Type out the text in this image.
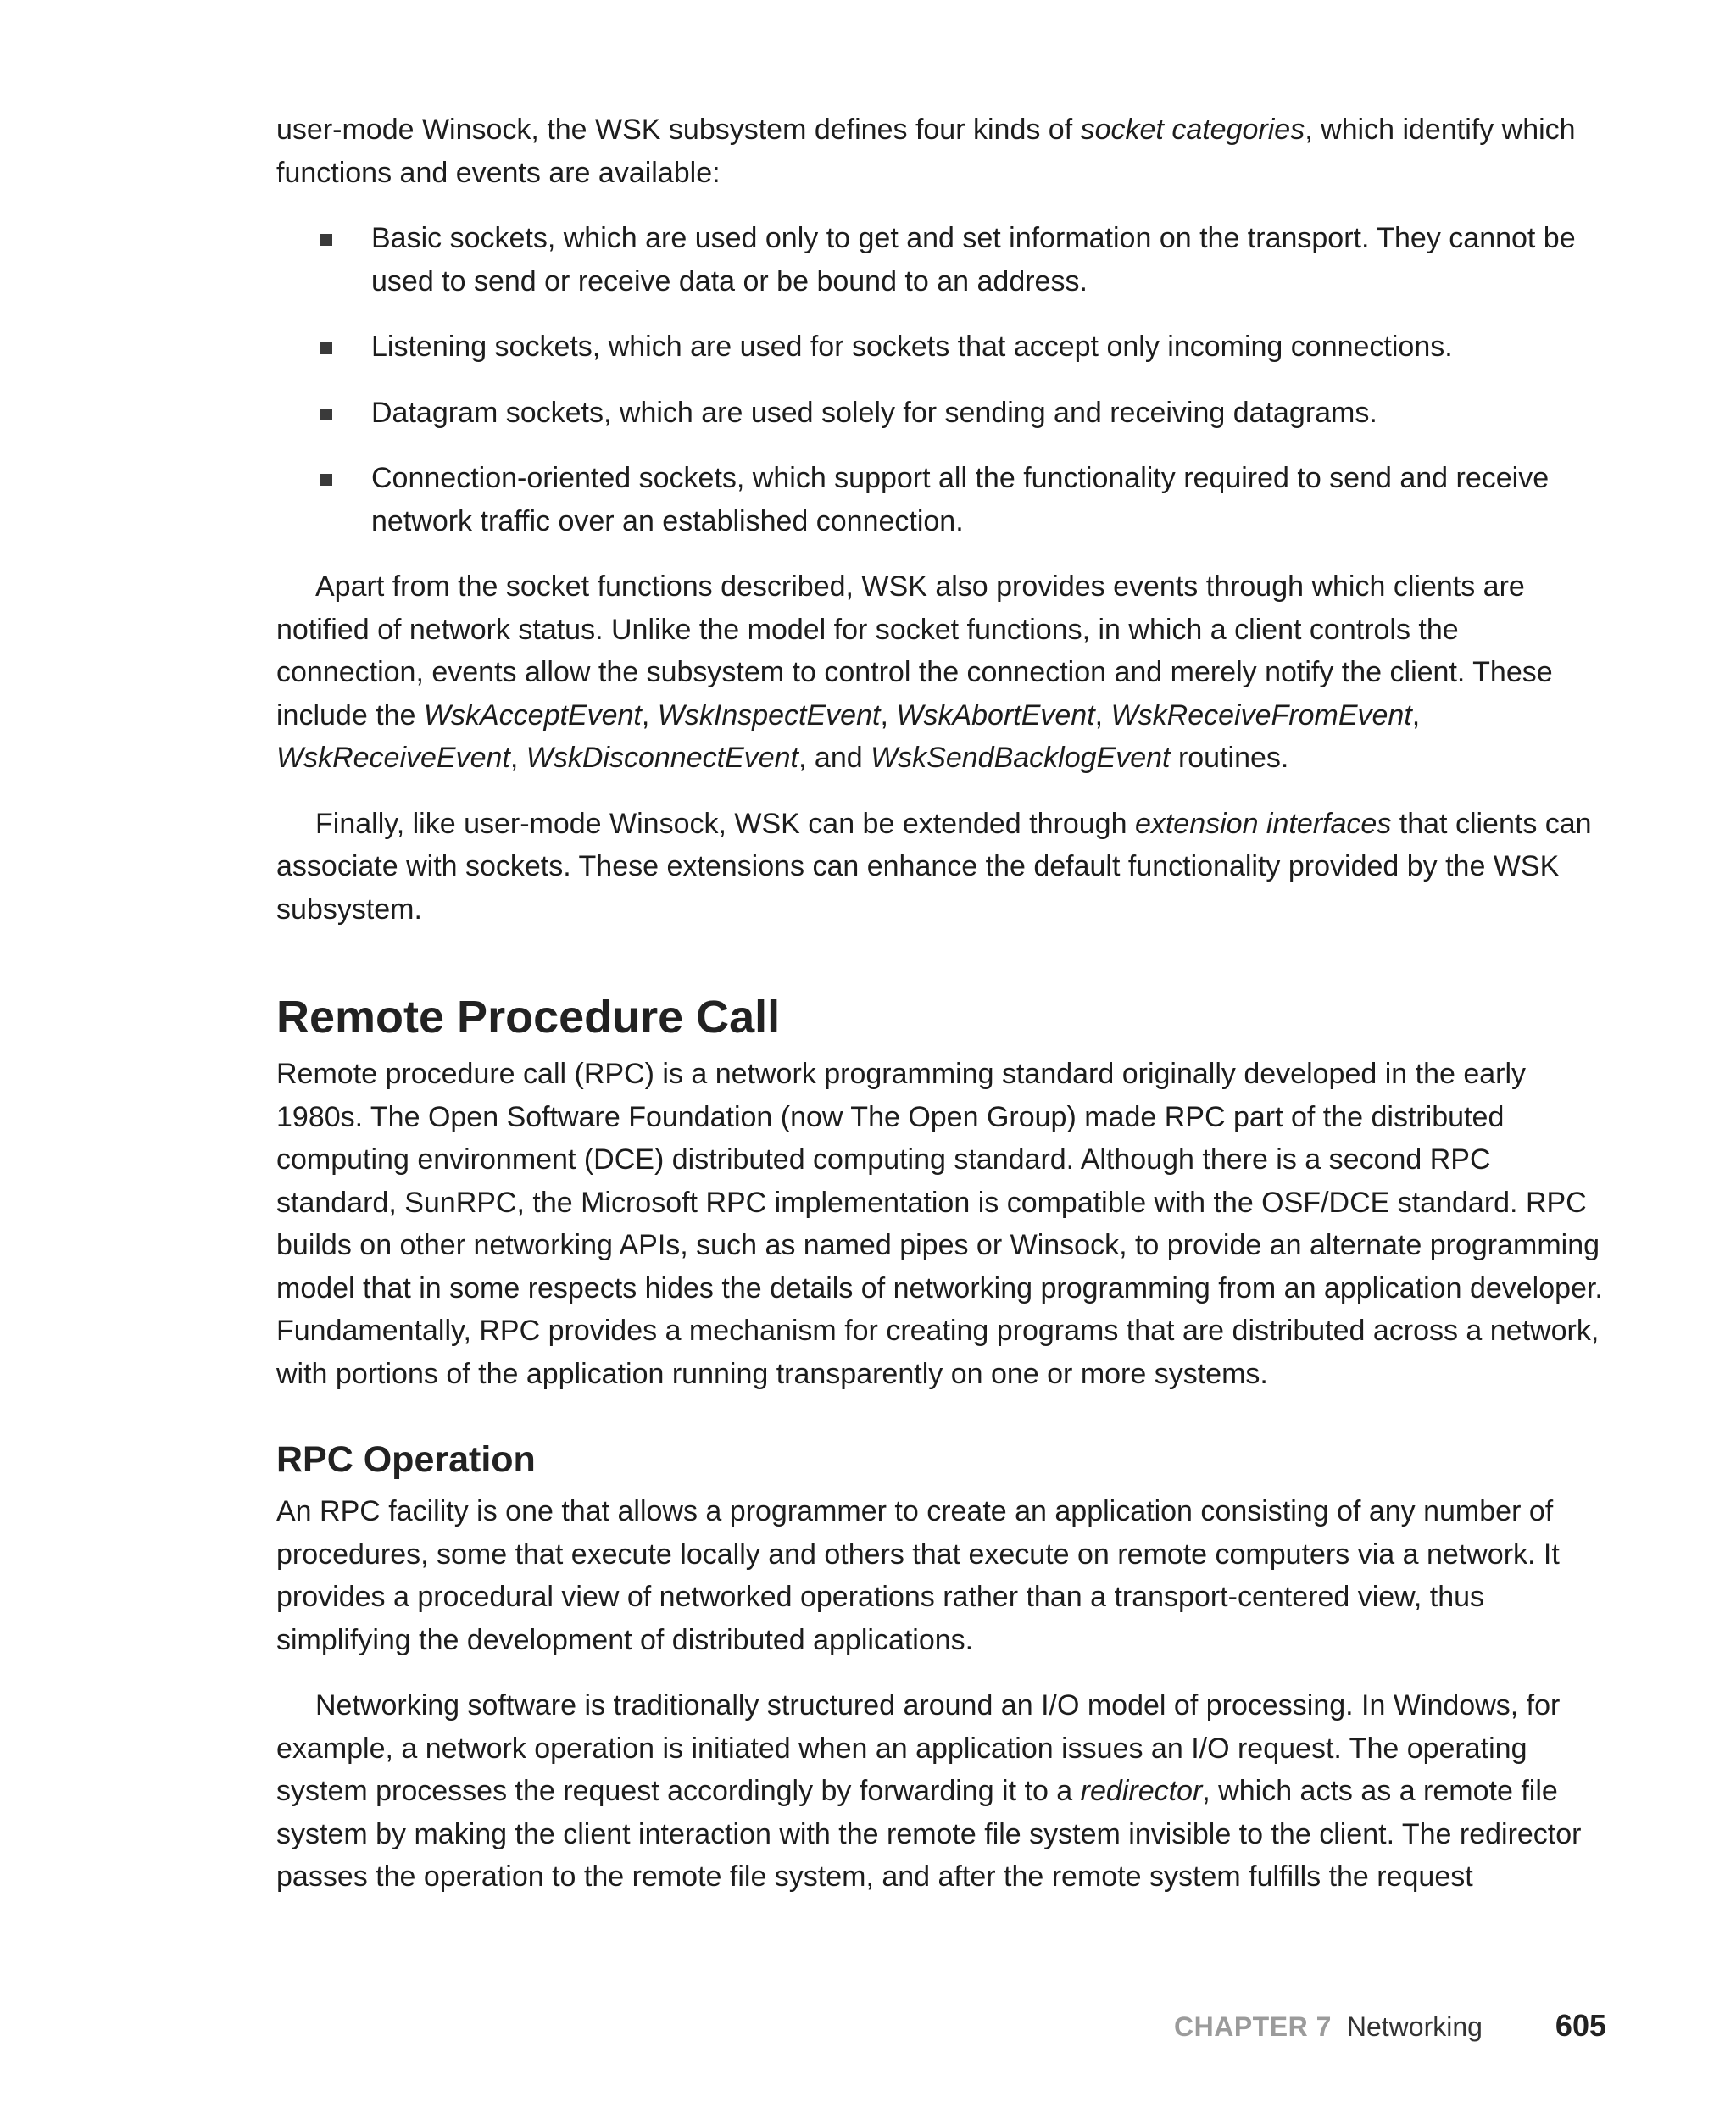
user-mode Winsock, the WSK subsystem defines four kinds of socket categories, which identify which functions and events are available:

Basic sockets, which are used only to get and set information on the transport. They cannot be used to send or receive data or be bound to an address.
Listening sockets, which are used for sockets that accept only incoming connections.
Datagram sockets, which are used solely for sending and receiving datagrams.
Connection-oriented sockets, which support all the functionality required to send and receive network traffic over an established connection.

Apart from the socket functions described, WSK also provides events through which clients are notified of network status. Unlike the model for socket functions, in which a client controls the connection, events allow the subsystem to control the connection and merely notify the client. These include the WskAcceptEvent, WskInspectEvent, WskAbortEvent, WskReceiveFromEvent, WskReceiveEvent, WskDisconnectEvent, and WskSendBacklogEvent routines.

Finally, like user-mode Winsock, WSK can be extended through extension interfaces that clients can associate with sockets. These extensions can enhance the default functionality provided by the WSK subsystem.

Remote Procedure Call

Remote procedure call (RPC) is a network programming standard originally developed in the early 1980s. The Open Software Foundation (now The Open Group) made RPC part of the distributed computing environment (DCE) distributed computing standard. Although there is a second RPC standard, SunRPC, the Microsoft RPC implementation is compatible with the OSF/DCE standard. RPC builds on other networking APIs, such as named pipes or Winsock, to provide an alternate programming model that in some respects hides the details of networking programming from an application developer. Fundamentally, RPC provides a mechanism for creating programs that are distributed across a network, with portions of the application running transparently on one or more systems.

RPC Operation

An RPC facility is one that allows a programmer to create an application consisting of any number of procedures, some that execute locally and others that execute on remote computers via a network. It provides a procedural view of networked operations rather than a transport-centered view, thus simplifying the development of distributed applications.

Networking software is traditionally structured around an I/O model of processing. In Windows, for example, a network operation is initiated when an application issues an I/O request. The operating system processes the request accordingly by forwarding it to a redirector, which acts as a remote file system by making the client interaction with the remote file system invisible to the client. The redirector passes the operation to the remote file system, and after the remote system fulfills the request

CHAPTER 7 Networking 605
